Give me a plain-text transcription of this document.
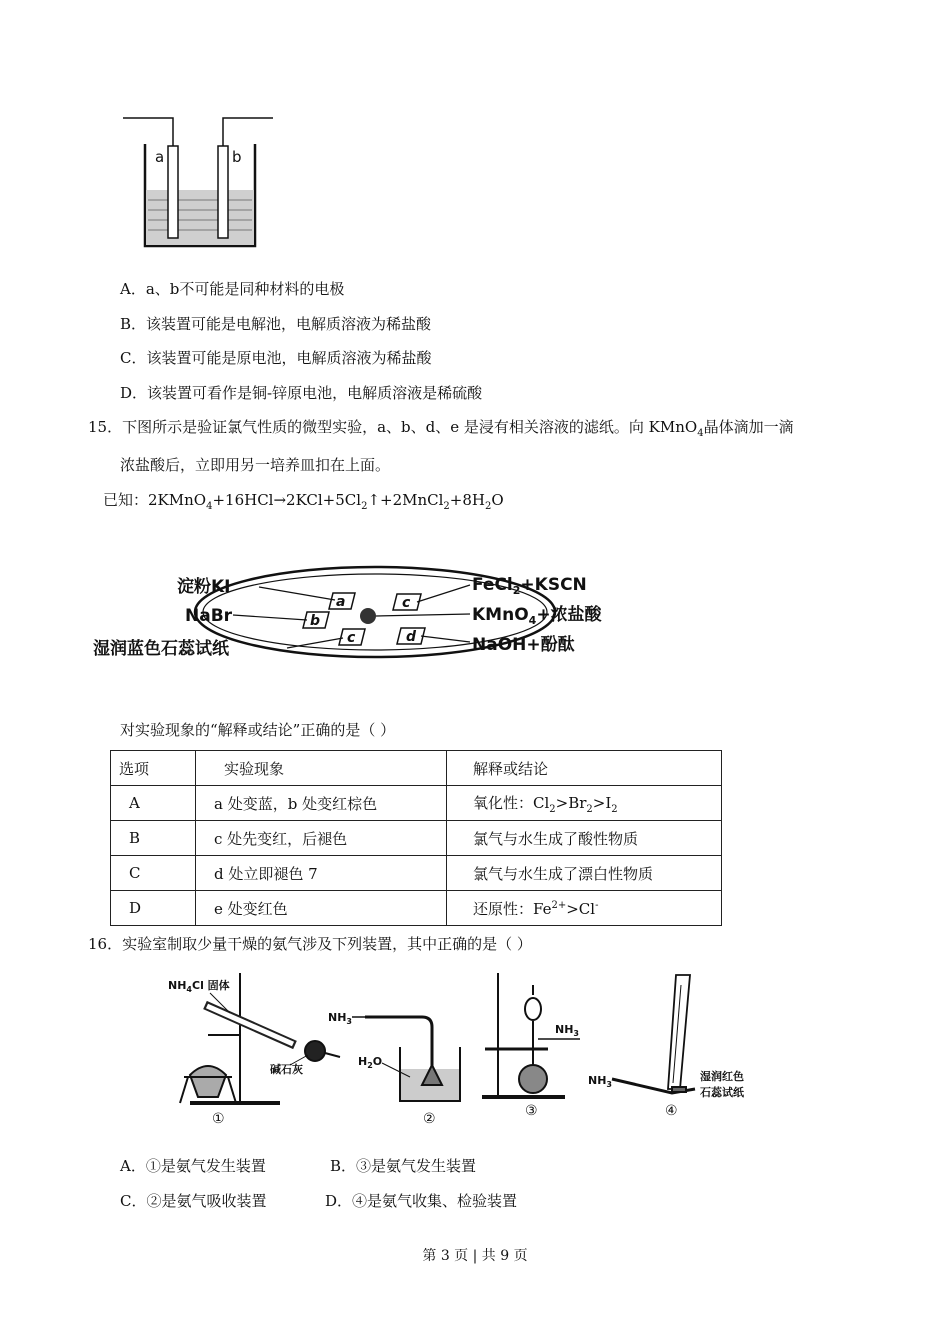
a	b
A．a、b不可能是同种材料的电极
B．该装置可能是电解池，电解质溶液为稀盐酸
C．该装置可能是原电池，电解质溶液为稀盐酸
D．该装置可看作是铜-锌原电池，电解质溶液是稀硫酸
15．下图所示是验证氯气性质的微型实验，a、b、d、e 是浸有相关溶液的滤纸。向 KMnO$_4$晶体滴加一滴
浓盐酸后，立即用另一培养皿扣在上面。
已知：$2KMnO_4+16HCl\to 2KCl+5Cl_2↑+2MnCl_2+8H_2O$
a
b
c
c
d
淀粉KI
NaBr
湿润蓝色石蕊试纸
FeCl$_2$+KSCN
KMnO$_4$+浓盐酸
NaOH+酚酞
对实验现象的“解释或结论”正确的是（ ）
选项	实验现象	解释或结论
A	a 处变蓝，b 处变红棕色	氧化性：$Cl_2>Br_2>I_2$
B	c 处先变红，后褪色	氯气与水生成了酸性物质
C	d 处立即褪色 7	氯气与水生成了漂白性物质
D	e 处变红色	还原性：$Fe^{2+}>Cl^-$
16．实验室制取少量干燥的氨气涉及下列装置，其中正确的是（ ）
$NH_4Cl$ 固体
碱石灰
$NH_3$
$H_2O$
$NH_3$
$NH_3$
湿润红色
石蕊试纸
①	②	③	④
A．①是氨气发生装置	B．③是氨气发生装置
C．②是氨气吸收装置	D．④是氨气收集、检验装置
第 3 页 | 共 9 页
